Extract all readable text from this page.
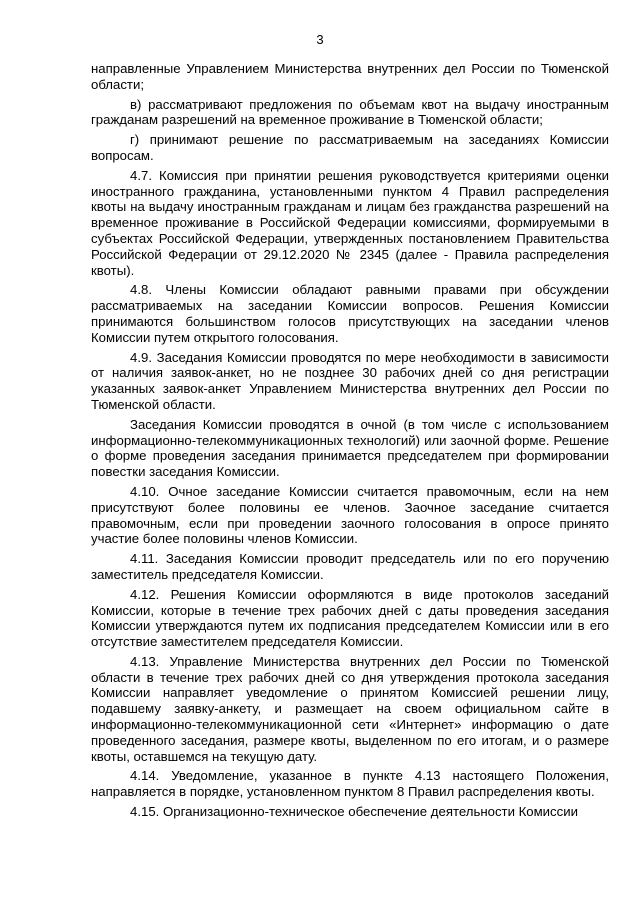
3

направленные Управлением Министерства внутренних дел России по Тюменской области;

в) рассматривают предложения по объемам квот на выдачу иностранным гражданам разрешений на временное проживание в Тюменской области;

г) принимают решение по рассматриваемым на заседаниях Комиссии вопросам.

4.7. Комиссия при принятии решения руководствуется критериями оценки иностранного гражданина, установленными пунктом 4 Правил распределения квоты на выдачу иностранным гражданам и лицам без гражданства разрешений на временное проживание в Российской Федерации комиссиями, формируемыми в субъектах Российской Федерации, утвержденных постановлением Правительства Российской Федерации от 29.12.2020 № 2345 (далее - Правила распределения квоты).

4.8. Члены Комиссии обладают равными правами при обсуждении рассматриваемых на заседании Комиссии вопросов. Решения Комиссии принимаются большинством голосов присутствующих на заседании членов Комиссии путем открытого голосования.

4.9. Заседания Комиссии проводятся по мере необходимости в зависимости от наличия заявок-анкет, но не позднее 30 рабочих дней со дня регистрации указанных заявок-анкет Управлением Министерства внутренних дел России по Тюменской области.

Заседания Комиссии проводятся в очной (в том числе с использованием информационно-телекоммуникационных технологий) или заочной форме. Решение о форме проведения заседания принимается председателем при формировании повестки заседания Комиссии.

4.10. Очное заседание Комиссии считается правомочным, если на нем присутствуют более половины ее членов. Заочное заседание считается правомочным, если при проведении заочного голосования в опросе принято участие более половины членов Комиссии.

4.11. Заседания Комиссии проводит председатель или по его поручению заместитель председателя Комиссии.

4.12. Решения Комиссии оформляются в виде протоколов заседаний Комиссии, которые в течение трех рабочих дней с даты проведения заседания Комиссии утверждаются путем их подписания председателем Комиссии или в его отсутствие заместителем председателя Комиссии.

4.13. Управление Министерства внутренних дел России по Тюменской области в течение трех рабочих дней со дня утверждения протокола заседания Комиссии направляет уведомление о принятом Комиссией решении лицу, подавшему заявку-анкету, и размещает на своем официальном сайте в информационно-телекоммуникационной сети «Интернет» информацию о дате проведенного заседания, размере квоты, выделенном по его итогам, и о размере квоты, оставшемся на текущую дату.

4.14. Уведомление, указанное в пункте 4.13 настоящего Положения, направляется в порядке, установленном пунктом 8 Правил распределения квоты.

4.15. Организационно-техническое обеспечение деятельности Комиссии
